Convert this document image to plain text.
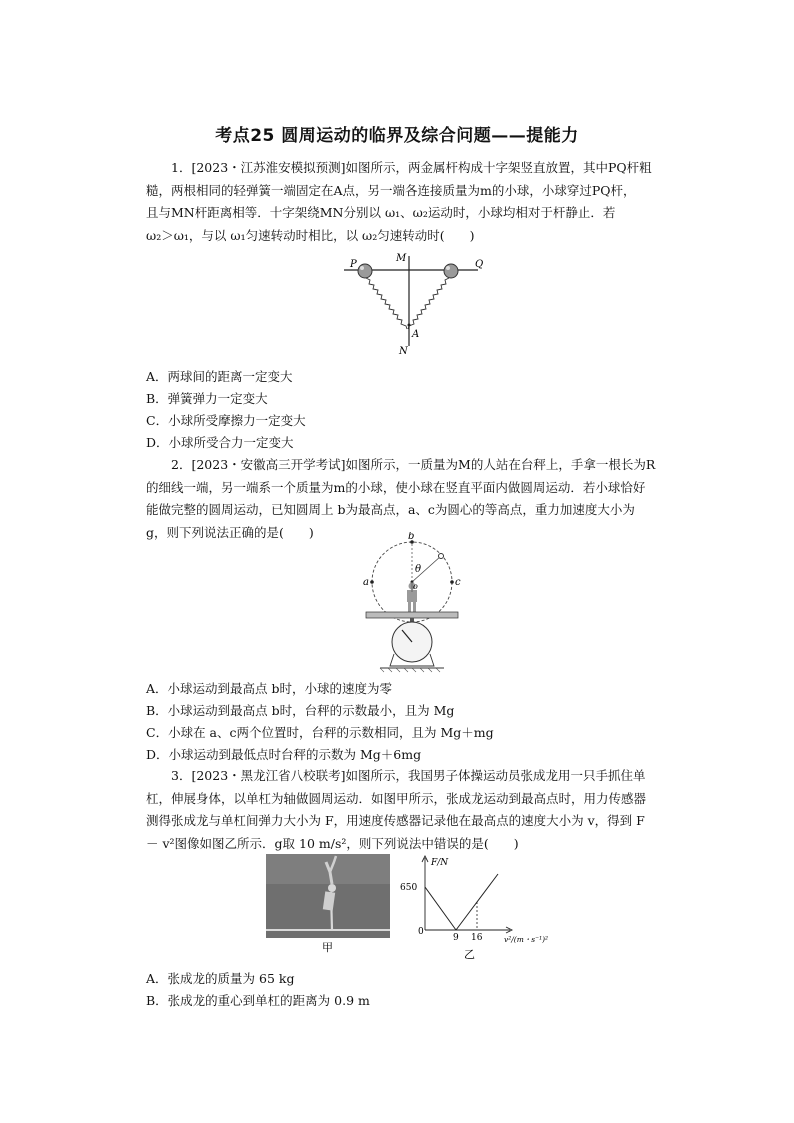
考点25 圆周运动的临界及综合问题——提能力
1．[2023・江苏淮安模拟预测]如图所示，两金属杆构成十字架竖直放置，其中PQ杆粗
糙，两根相同的轻弹簧一端固定在A点，另一端各连接质量为m的小球，小球穿过PQ杆，
且与MN杆距离相等．十字架绕MN分别以 ω₁、ω₂运动时，小球均相对于杆静止．若
ω₂＞ω₁，与以 ω₁匀速转动时相比，以 ω₂匀速转动时(　　)
P
M
Q
A
N
A．两球间的距离一定变大
B．弹簧弹力一定变大
C．小球所受摩擦力一定变大
D．小球所受合力一定变大
2．[2023・安徽高三开学考试]如图所示，一质量为M的人站在台秤上，手拿一根长为R
的细线一端，另一端系一个质量为m的小球，使小球在竖直平面内做圆周运动．若小球恰好
能做完整的圆周运动，已知圆周上 b为最高点，a、c为圆心的等高点，重力加速度大小为
g，则下列说法正确的是(　　)
a
b
c
θ
o
A．小球运动到最高点 b时，小球的速度为零
B．小球运动到最高点 b时，台秤的示数最小，且为 Mg
C．小球在 a、c两个位置时，台秤的示数相同，且为 Mg＋mg
D．小球运动到最低点时台秤的示数为 Mg＋6mg
3．[2023・黑龙江省八校联考]如图所示，我国男子体操运动员张成龙用一只手抓住单
杠，伸展身体，以单杠为轴做圆周运动．如图甲所示，张成龙运动到最高点时，用力传感器
测得张成龙与单杠间弹力大小为 F，用速度传感器记录他在最高点的速度大小为 v，得到 F
－ v²图像如图乙所示．g取 10 m/s²，则下列说法中错误的是(　　)
甲
F/N
650
0
9 16	v²/(m・s⁻¹)²
乙
A．张成龙的质量为 65 kg
B．张成龙的重心到单杠的距离为 0.9 m
